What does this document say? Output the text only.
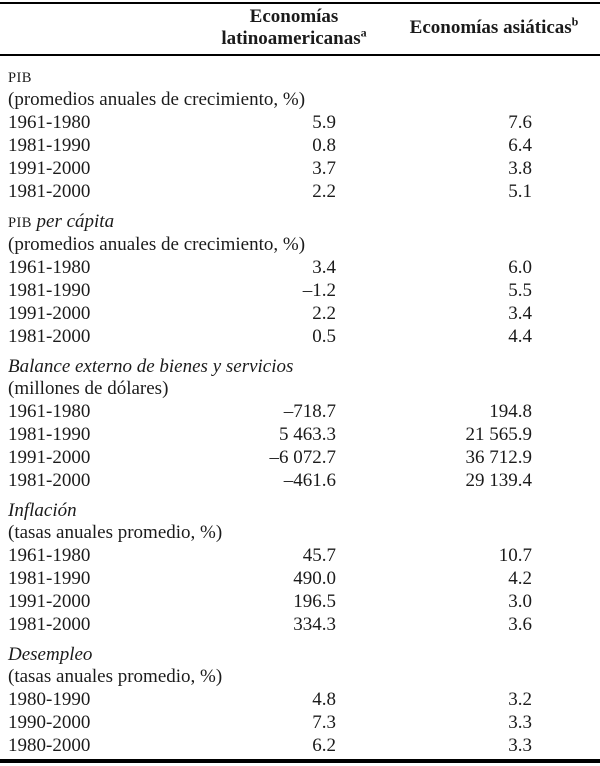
Economías
latinoamericanas$^a$	Economías asiáticas$^b$
PIB
(promedios anuales de crecimiento, %)
1961-1980	5.9	7.6
1981-1990	0.8	6.4
1991-2000	3.7	3.8
1981-2000	2.2	5.1
PIB per cápita
(promedios anuales de crecimiento, %)
1961-1980	3.4	6.0
1981-1990	–1.2	5.5
1991-2000	2.2	3.4
1981-2000	0.5	4.4
Balance externo de bienes y servicios
(millones de dólares)
1961-1980	–718.7	194.8
1981-1990	5 463.3	21 565.9
1991-2000	–6 072.7	36 712.9
1981-2000	–461.6	29 139.4
Inflación
(tasas anuales promedio, %)
1961-1980	45.7	10.7
1981-1990	490.0	4.2
1991-2000	196.5	3.0
1981-2000	334.3	3.6
Desempleo
(tasas anuales promedio, %)
1980-1990	4.8	3.2
1990-2000	7.3	3.3
1980-2000	6.2	3.3
